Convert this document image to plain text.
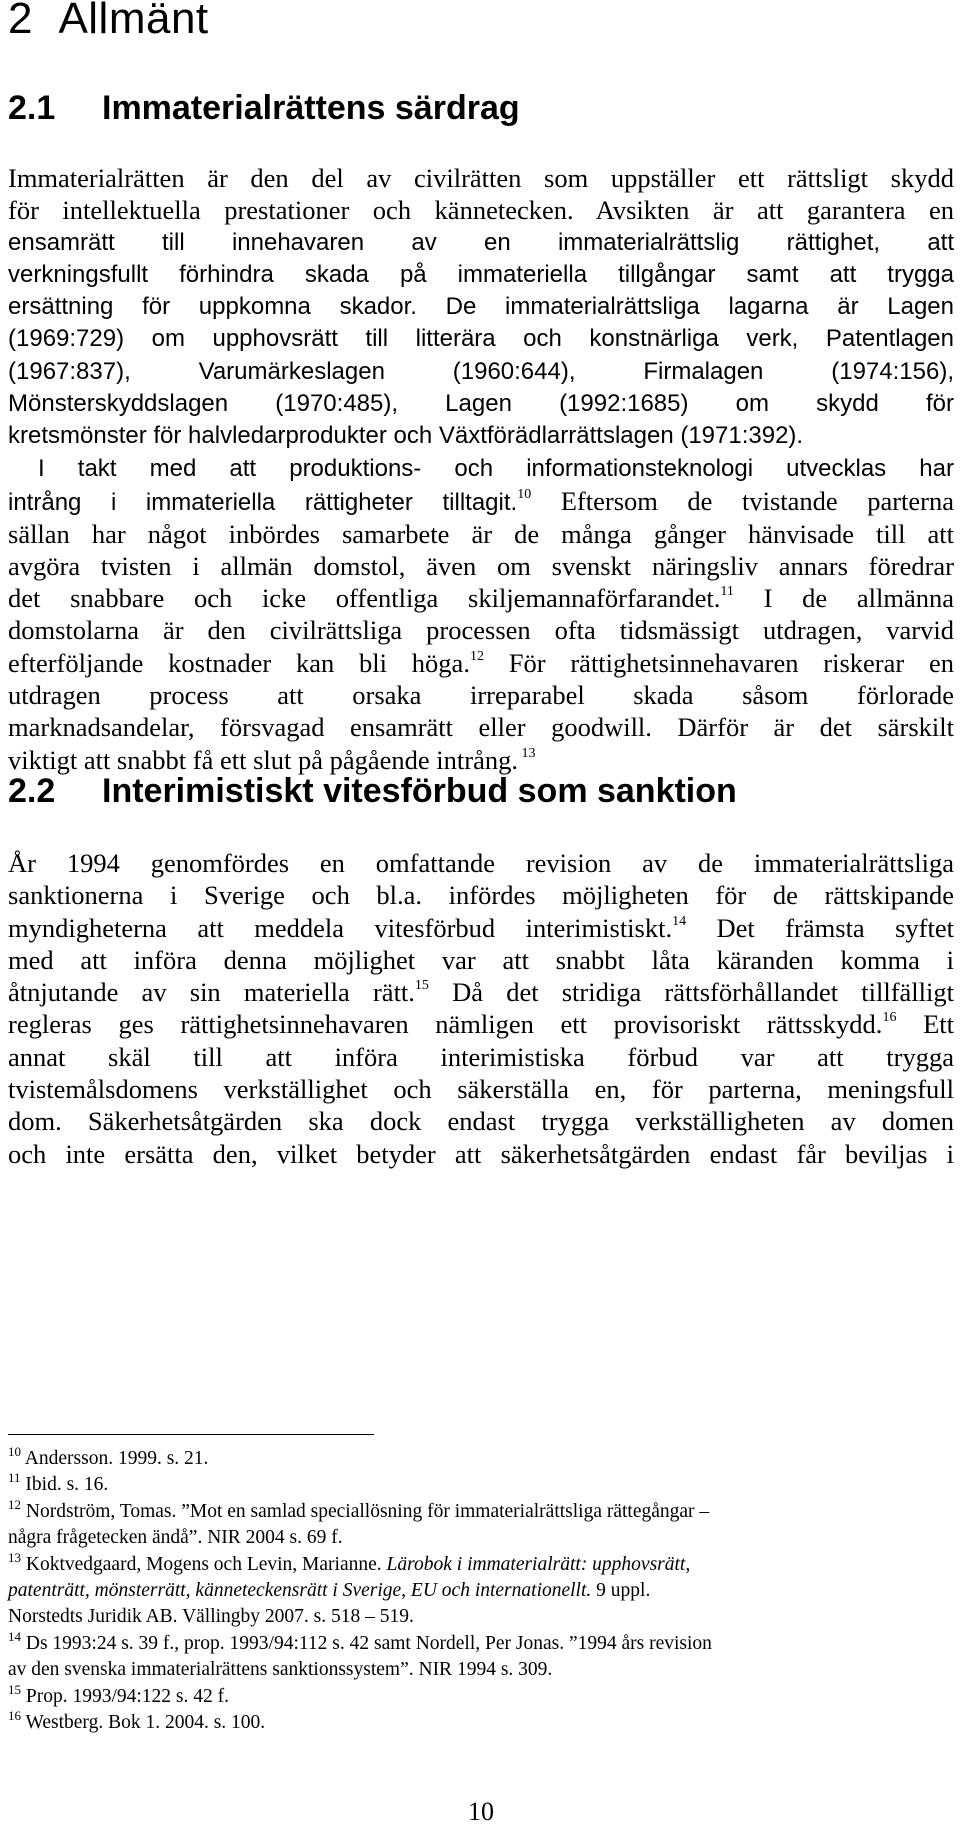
2 Allmänt
2.1 Immaterialrättens särdrag
Immaterialrätten är den del av civilrätten som uppställer ett rättsligt skydd
för intellektuella prestationer och kännetecken. Avsikten är att garantera en
ensamrätt till innehavaren av en immaterialrättslig rättighet, att
verkningsfullt förhindra skada på immateriella tillgångar samt att trygga
ersättning för uppkomna skador. De immaterialrättsliga lagarna är Lagen
(1969:729) om upphovsrätt till litterära och konstnärliga verk, Patentlagen
(1967:837), Varumärkeslagen (1960:644), Firmalagen (1974:156),
Mönsterskyddslagen (1970:485), Lagen (1992:1685) om skydd för
kretsmönster för halvledarprodukter och Växtförädlarrättslagen (1971:392).
I takt med att produktions- och informationsteknologi utvecklas har
intrång i immateriella rättigheter tilltagit.$^{10}$ Eftersom de tvistande parterna
sällan har något inbördes samarbete är de många gånger hänvisade till att
avgöra tvisten i allmän domstol, även om svenskt näringsliv annars föredrar
det snabbare och icke offentliga skiljemannaförfarandet.$^{11}$ I de allmänna
domstolarna är den civilrättsliga processen ofta tidsmässigt utdragen, varvid
efterföljande kostnader kan bli höga.$^{12}$ För rättighetsinnehavaren riskerar en
utdragen process att orsaka irreparabel skada såsom förlorade
marknadsandelar, försvagad ensamrätt eller goodwill. Därför är det särskilt
viktigt att snabbt få ett slut på pågående intrång. $^{13}$
2.2 Interimistiskt vitesförbud som sanktion
År 1994 genomfördes en omfattande revision av de immaterialrättsliga
sanktionerna i Sverige och bl.a. infördes möjligheten för de rättskipande
myndigheterna att meddela vitesförbud interimistiskt.$^{14}$ Det främsta syftet
med att införa denna möjlighet var att snabbt låta käranden komma i
åtnjutande av sin materiella rätt.$^{15}$ Då det stridiga rättsförhållandet tillfälligt
regleras ges rättighetsinnehavaren nämligen ett provisoriskt rättsskydd.$^{16}$ Ett
annat skäl till att införa interimistiska förbud var att trygga
tvistemålsdomens verkställighet och säkerställa en, för parterna, meningsfull
dom. Säkerhetsåtgärden ska dock endast trygga verkställigheten av domen
och inte ersätta den, vilket betyder att säkerhetsåtgärden endast får beviljas i
$^{10}$ Andersson. 1999. s. 21.
$^{11}$ Ibid. s. 16.
$^{12}$ Nordström, Tomas. ”Mot en samlad speciallösning för immaterialrättsliga rättegångar –
några frågetecken ändå”. NIR 2004 s. 69 f.
$^{13}$ Koktvedgaard, Mogens och Levin, Marianne. Lärobok i immaterialrätt: upphovsrätt,
patenträtt, mönsterrätt, känneteckensrätt i Sverige, EU och internationellt. 9 uppl.
Norstedts Juridik AB. Vällingby 2007. s. 518 – 519.
$^{14}$ Ds 1993:24 s. 39 f., prop. 1993/94:112 s. 42 samt Nordell, Per Jonas. ”1994 års revision
av den svenska immaterialrättens sanktionssystem”. NIR 1994 s. 309.
$^{15}$ Prop. 1993/94:122 s. 42 f.
$^{16}$ Westberg. Bok 1. 2004. s. 100.
10
